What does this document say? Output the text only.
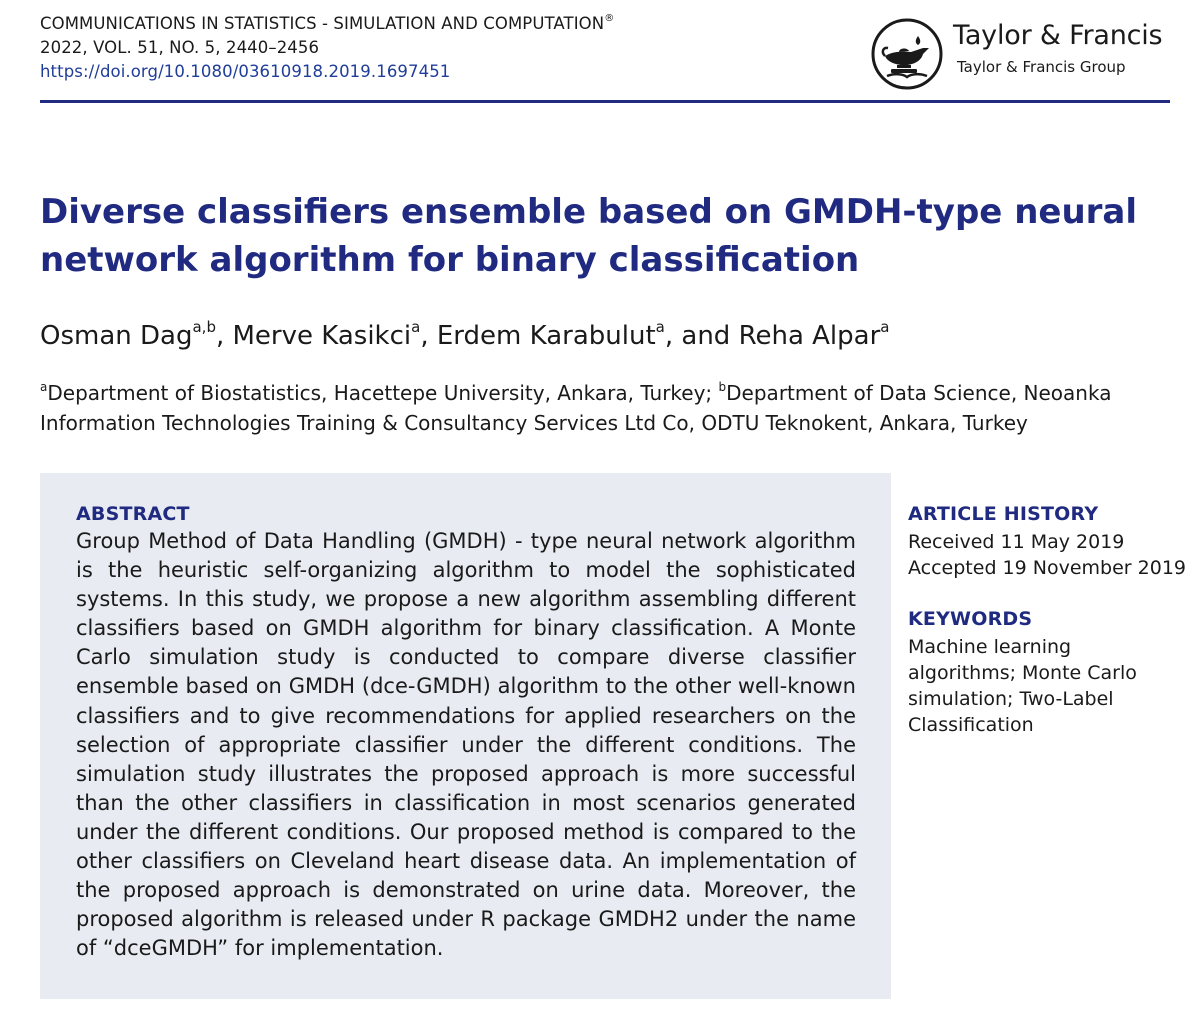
COMMUNICATIONS IN STATISTICS - SIMULATION AND COMPUTATION®
2022, VOL. 51, NO. 5, 2440–2456
https://doi.org/10.1080/03610918.2019.1697451
Taylor & Francis
Taylor & Francis Group
Diverse classifiers ensemble based on GMDH-type neural network algorithm for binary classification
Osman Dag$^{a,b}$, Merve Kasikci$^a$, Erdem Karabulut$^a$, and Reha Alpar$^a$
$^a$Department of Biostatistics, Hacettepe University, Ankara, Turkey; $^b$Department of Data Science, Neoanka Information Technologies Training & Consultancy Services Ltd Co, ODTU Teknokent, Ankara, Turkey
ABSTRACT

Group Method of Data Handling (GMDH) - type neural network algorithm is the heuristic self-organizing algorithm to model the sophisticated systems. In this study, we propose a new algorithm assembling different classifiers based on GMDH algorithm for binary classification. A Monte Carlo simulation study is conducted to compare diverse classifier ensemble based on GMDH (dce-GMDH) algorithm to the other well-known classifiers and to give recommendations for applied researchers on the selection of appropriate classifier under the different conditions. The simulation study illustrates the proposed approach is more successful than the other classifiers in classification in most scenarios generated under the different conditions. Our proposed method is compared to the other classifiers on Cleveland heart disease data. An implementation of the proposed approach is demonstrated on urine data. Moreover, the proposed algorithm is released under R package GMDH2 under the name of “dceGMDH” for implementation.

ARTICLE HISTORY

Received 11 May 2019

Accepted 19 November 2019

KEYWORDS

Machine learning algorithms; Monte Carlo simulation; Two-Label Classification
